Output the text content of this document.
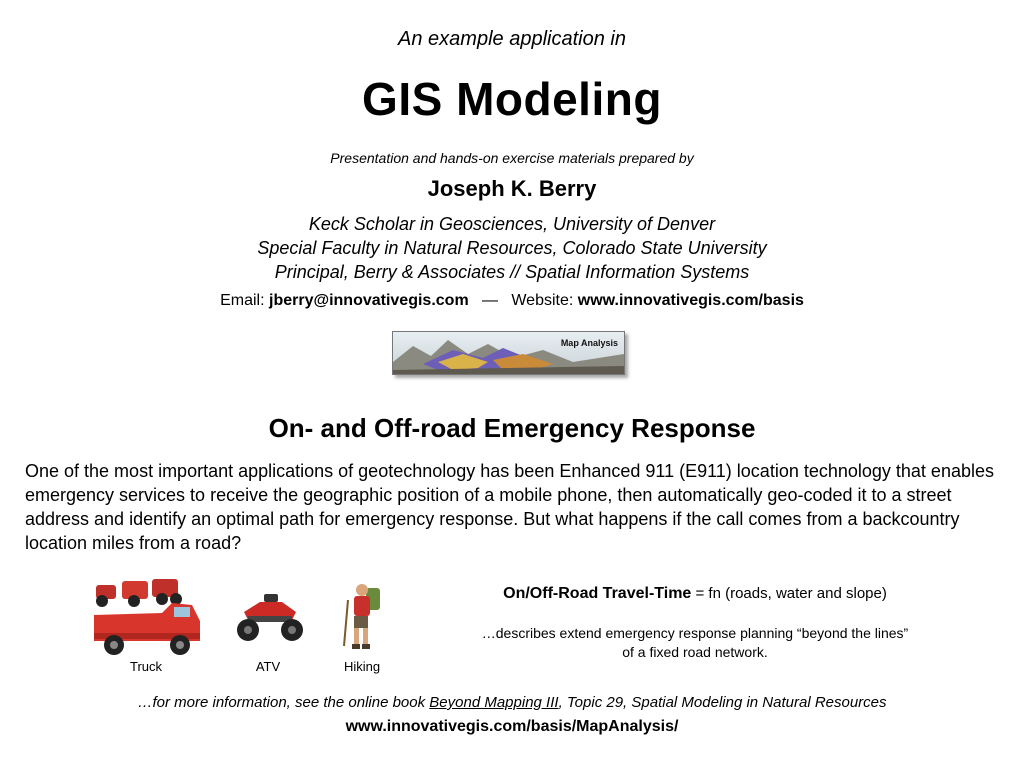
An example application in
GIS Modeling
Presentation and hands-on exercise materials prepared by
Joseph K. Berry
Keck Scholar in Geosciences, University of Denver
Special Faculty in Natural Resources, Colorado State University
Principal, Berry & Associates // Spatial Information Systems
Email: jberry@innovativegis.com — Website: www.innovativegis.com/basis
Map Analysis
On- and Off-road Emergency Response
One of the most important applications of geotechnology has been Enhanced 911 (E911) location technology that enables emergency services to receive the geographic position of a mobile phone, then automatically geo-coded it to a street address and identify an optimal path for emergency response. But what happens if the call comes from a backcountry location miles from a road?
Truck	ATV	Hiking
On/Off-Road Travel-Time = fn (roads, water and slope)
…describes extend emergency response planning “beyond the lines”
of a fixed road network.
…for more information, see the online book Beyond Mapping III, Topic 29, Spatial Modeling in Natural Resources
www.innovativegis.com/basis/MapAnalysis/
